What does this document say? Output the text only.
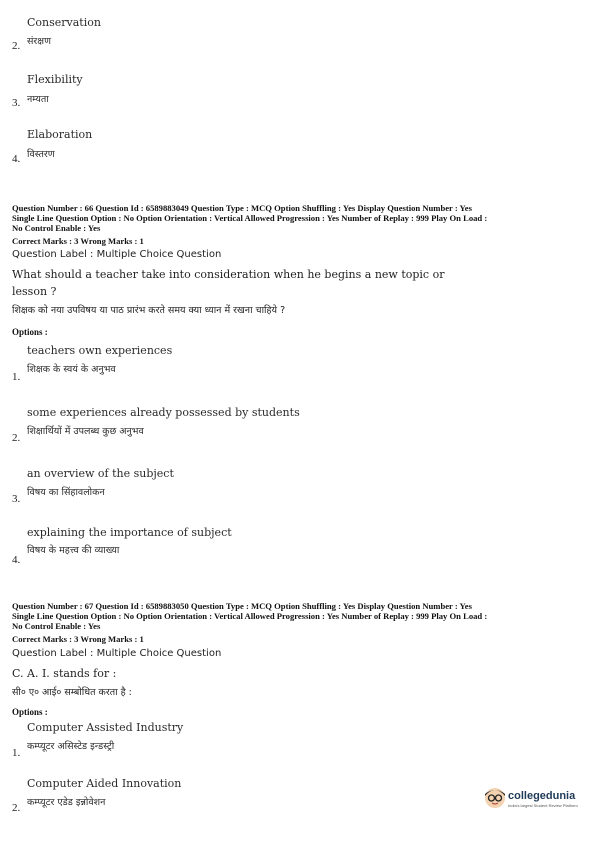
Conservation
संरक्षण
2.
Flexibility
नम्यता
3.
Elaboration
विस्तरण
4.
Question Number : 66 Question Id : 6589883049 Question Type : MCQ Option Shuffling : Yes Display Question Number : Yes
Single Line Question Option : No Option Orientation : Vertical Allowed Progression : Yes Number of Replay : 999 Play On Load :
No Control Enable : Yes
Correct Marks : 3 Wrong Marks : 1
Question Label : Multiple Choice Question
What should a teacher take into consideration when he begins a new topic or
lesson ?
शिक्षक को नया उपविषय या पाठ प्रारंभ करते समय क्या ध्यान में रखना चाहिये ?
Options :
teachers own experiences
शिक्षक के स्वयं के अनुभव
1.
some experiences already possessed by students
शिक्षार्थियों में उपलब्ध कुछ अनुभव
2.
an overview of the subject
विषय का सिंहावलोकन
3.
explaining the importance of subject
विषय के महत्त्व की व्याख्या
4.
Question Number : 67 Question Id : 6589883050 Question Type : MCQ Option Shuffling : Yes Display Question Number : Yes
Single Line Question Option : No Option Orientation : Vertical Allowed Progression : Yes Number of Replay : 999 Play On Load :
No Control Enable : Yes
Correct Marks : 3 Wrong Marks : 1
Question Label : Multiple Choice Question
C. A. I. stands for :
सी० ए० आई० सम्बोधित करता है :
Options :
Computer Assisted Industry
कम्प्यूटर असिस्टेड इन्डस्ट्री
1.
Computer Aided Innovation
कम्प्यूटर एडेड इन्नोवेशन
2.
collegedunia
India's largest Student Review Platform
